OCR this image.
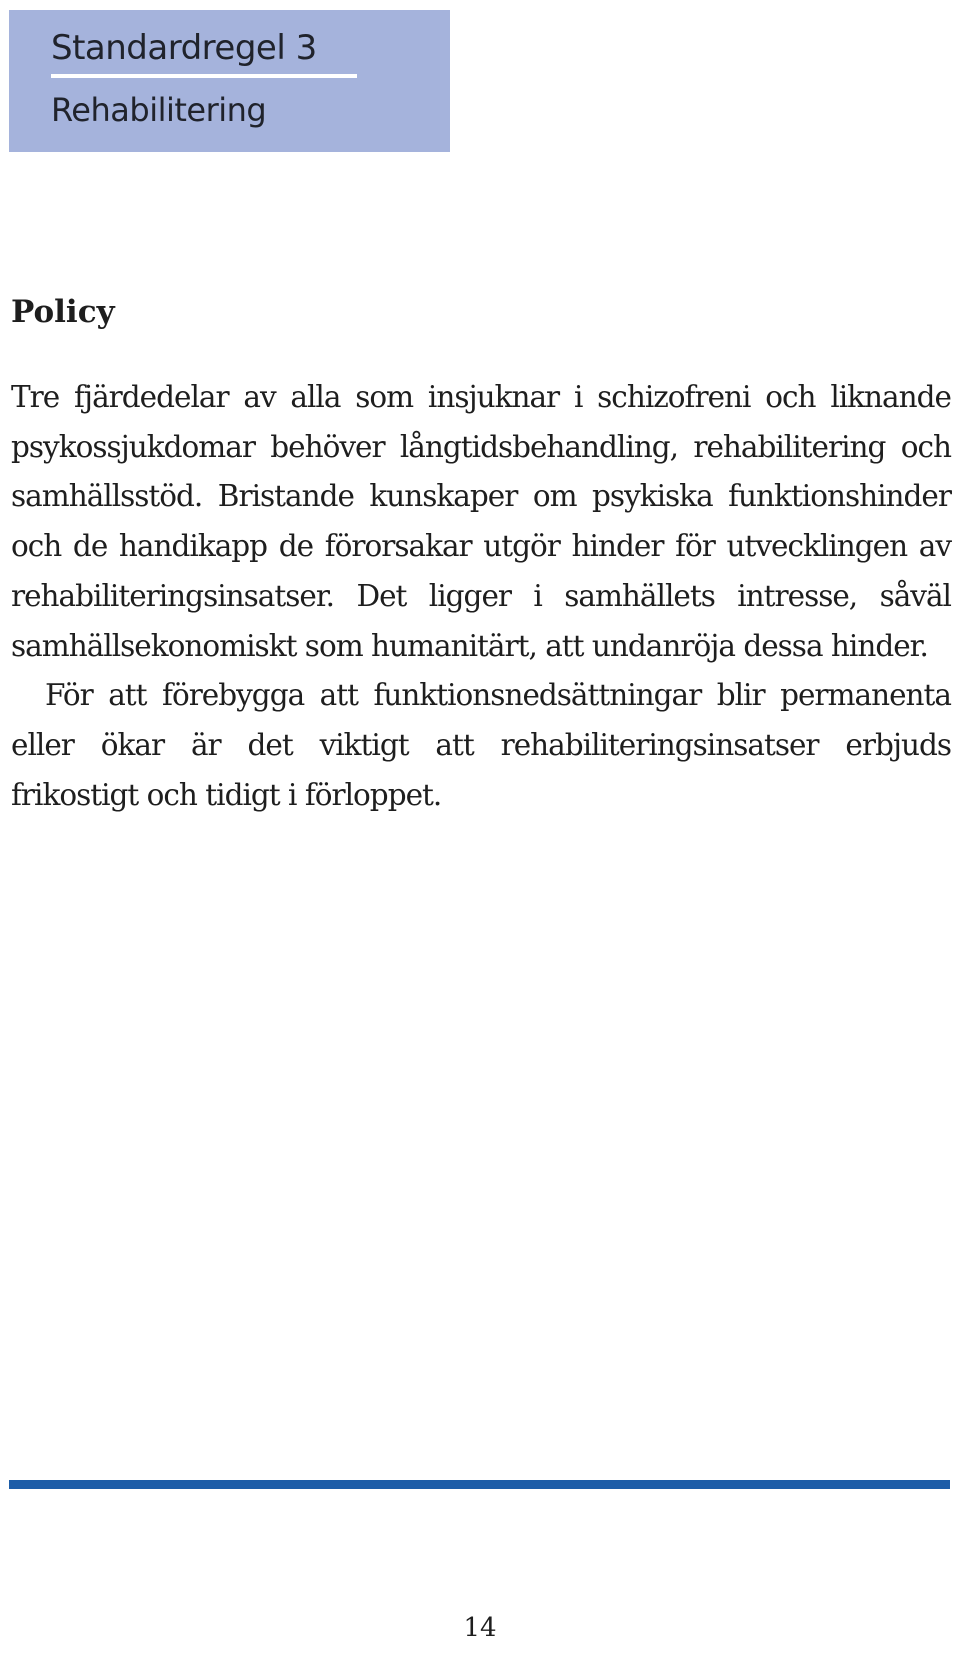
Standardregel 3
Rehabilitering
Policy

Tre fjärdedelar av alla som insjuknar i schizofreni och liknande psykossjukdomar behöver långtidsbehandling, rehabilitering och samhällsstöd. Bristande kunskaper om psykiska funktionshinder och de handikapp de förorsakar utgör hinder för utvecklingen av rehabiliteringsinsatser. Det ligger i samhällets intresse, såväl samhällsekonomiskt som humanitärt, att undanröja dessa hinder.

För att förebygga att funktionsnedsättningar blir permanenta eller ökar är det viktigt att rehabiliteringsinsatser erbjuds frikostigt och tidigt i förloppet.

14
